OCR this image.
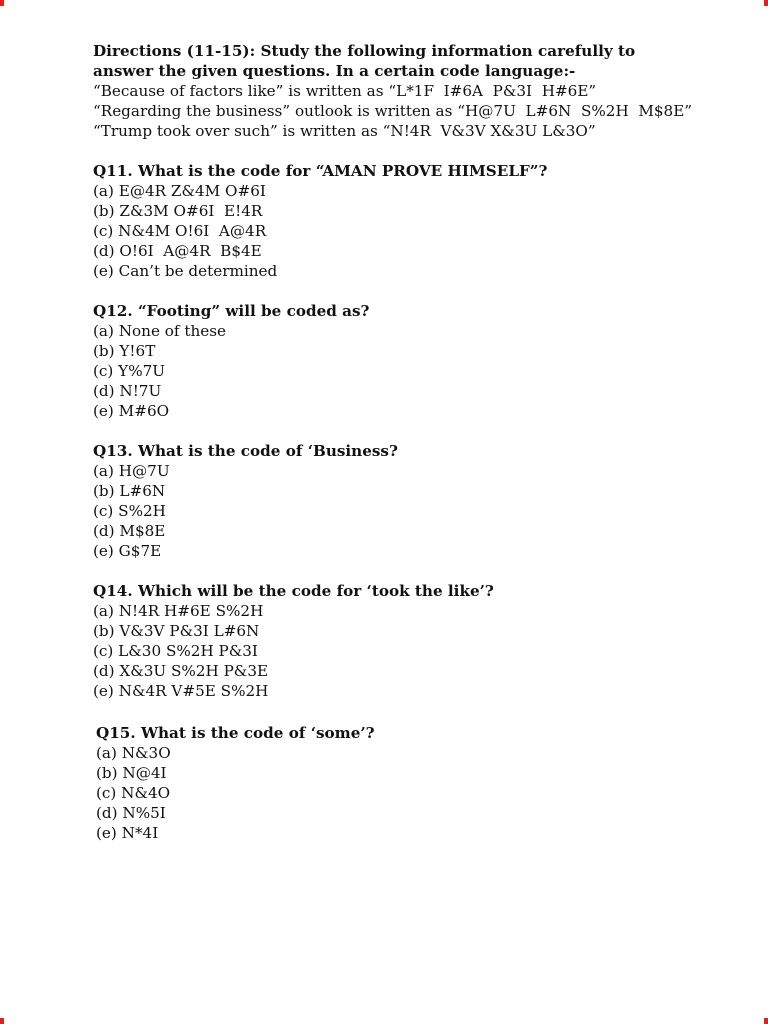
Directions (11-15): Study the following information carefully to answer the given questions. In a certain code language:-

“Because of factors like” is written as “L*1F  I#6A  P&3I  H#6E”

“Regarding the business” outlook is written as “H@7U  L#6N  S%2H  M$8E”

“Trump took over such” is written as “N!4R  V&3V X&3U L&3O”

Q11. What is the code for “AMAN PROVE HIMSELF”?

(a) E@4R Z&4M O#6I

(b) Z&3M O#6I  E!4R

(c) N&4M O!6I  A@4R

(d) O!6I  A@4R  B$4E

(e) Can’t be determined

Q12. “Footing” will be coded as?

(a) None of these

(b) Y!6T

(c) Y%7U

(d) N!7U

(e) M#6O

Q13. What is the code of ‘Business?

(a) H@7U

(b) L#6N

(c) S%2H

(d) M$8E

(e) G$7E

Q14. Which will be the code for ‘took the like’?

(a) N!4R H#6E S%2H

(b) V&3V P&3I L#6N

(c) L&30 S%2H P&3I

(d) X&3U S%2H P&3E

(e) N&4R V#5E S%2H

Q15. What is the code of ‘some’?

(a) N&3O

(b) N@4I

(c) N&4O

(d) N%5I

(e) N*4I
